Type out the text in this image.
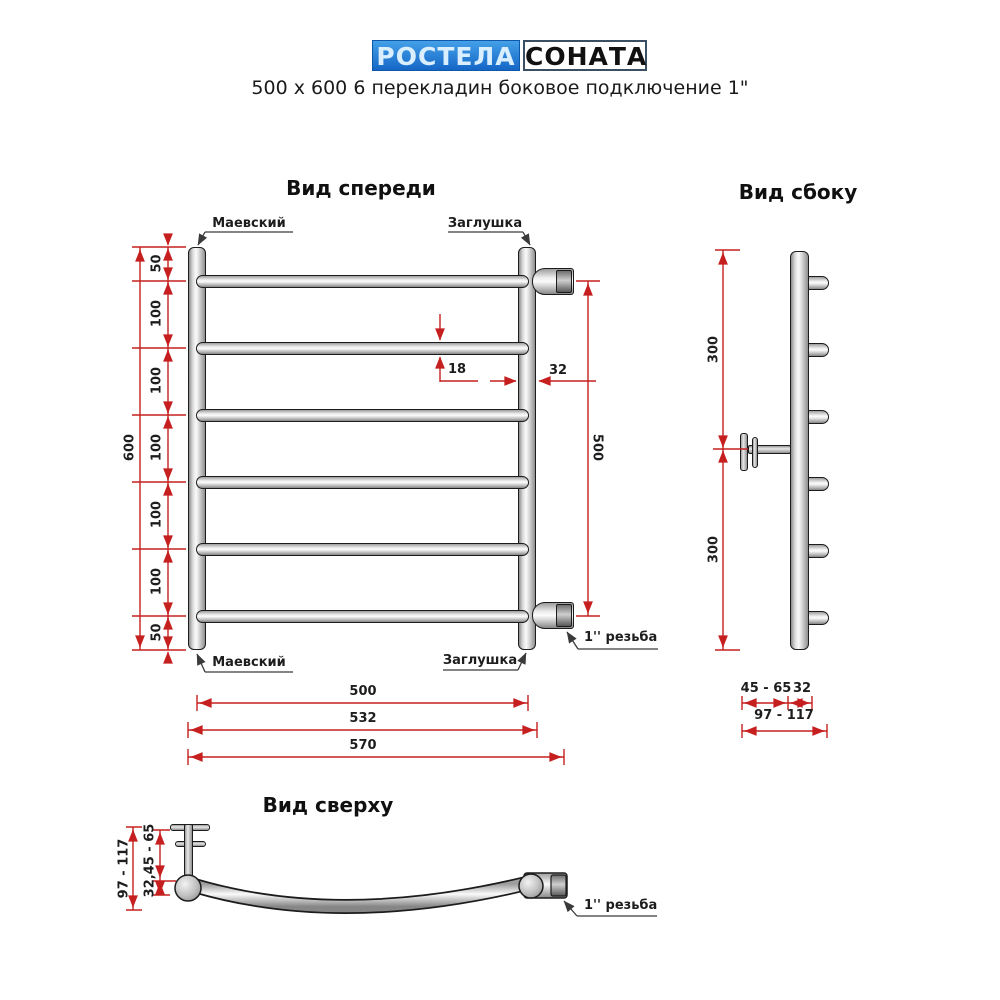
РОСТЕЛА СОНАТА
500 х 600 6 перекладин боковое подключение 1"
Вид спереди	Вид сбоку
Вид сверху
Маевский	Заглушка
Маевский	Заглушка
1'' резьба
50
100
100
100
100
100
50
600	500
18	32
500
532
570
300
300
45 - 65 32
97 - 117
97 - 117 32,45 - 65
1'' резьба
